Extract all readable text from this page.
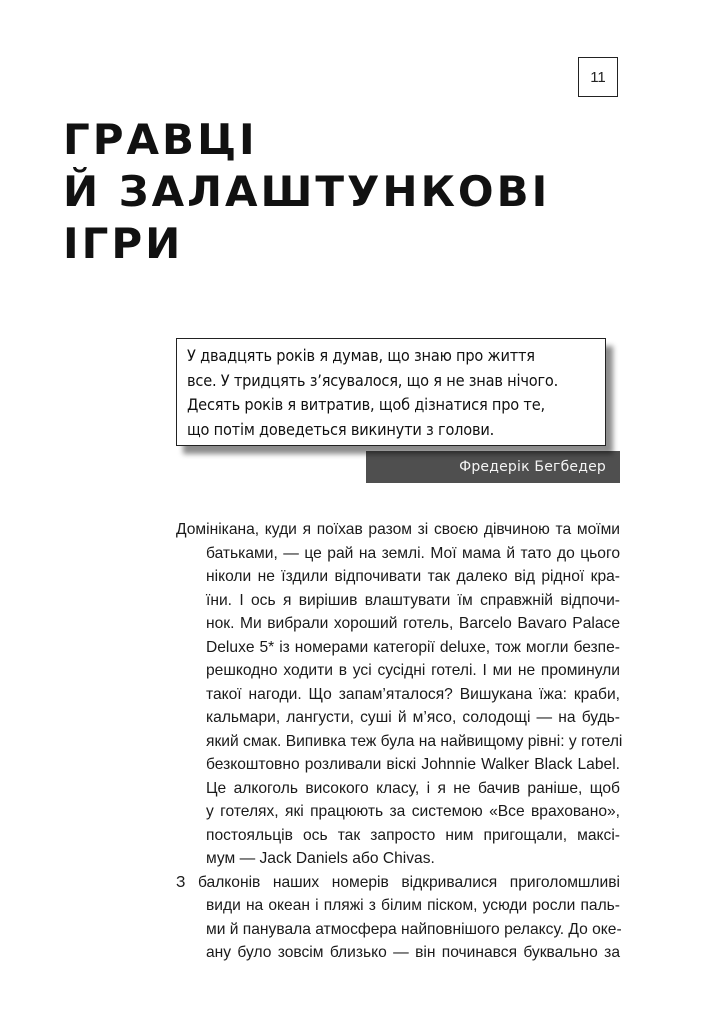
11
ГРАВЦІ
Й ЗАЛАШТУНКОВІ
ІГРИ

У двадцять років я думав, що знаю про життя
все. У тридцять з’ясувалося, що я не знав нічого.
Десять років я витратив, щоб дізнатися про те,
що потім доведеться викинути з голови.

Фредерік Бегбедер

Домінікана, куди я поїхав разом зі своєю дівчиною та моїми
батьками, — це рай на землі. Мої мама й тато до цього
ніколи не їздили відпочивати так далеко від рідної кра-
їни. І ось я вирішив влаштувати їм справжній відпочи-
нок. Ми вибрали хороший готель, Barcelo Bavaro Palace
Deluxe 5* із номерами категорії deluxe, тож могли безпе-
решкодно ходити в усі сусідні готелі. І ми не проминули
такої нагоди. Що запам’яталося? Вишукана їжа: краби,
кальмари, лангусти, суші й м’ясо, солодощі — на будь-
який смак. Випивка теж була на найвищому рівні: у готелі
безкоштовно розливали віскі Johnnie Walker Black Label.
Це алкоголь високого класу, і я не бачив раніше, щоб
у готелях, які працюють за системою «Все враховано»,
постояльців ось так запросто ним пригощали, максі-
мум — Jack Daniels або Chivas.

З балконів наших номерів відкривалися приголомшливі
види на океан і пляжі з білим піском, усюди росли паль-
ми й панувала атмосфера найповнішого релаксу. До оке-
ану було зовсім близько — він починався буквально за
